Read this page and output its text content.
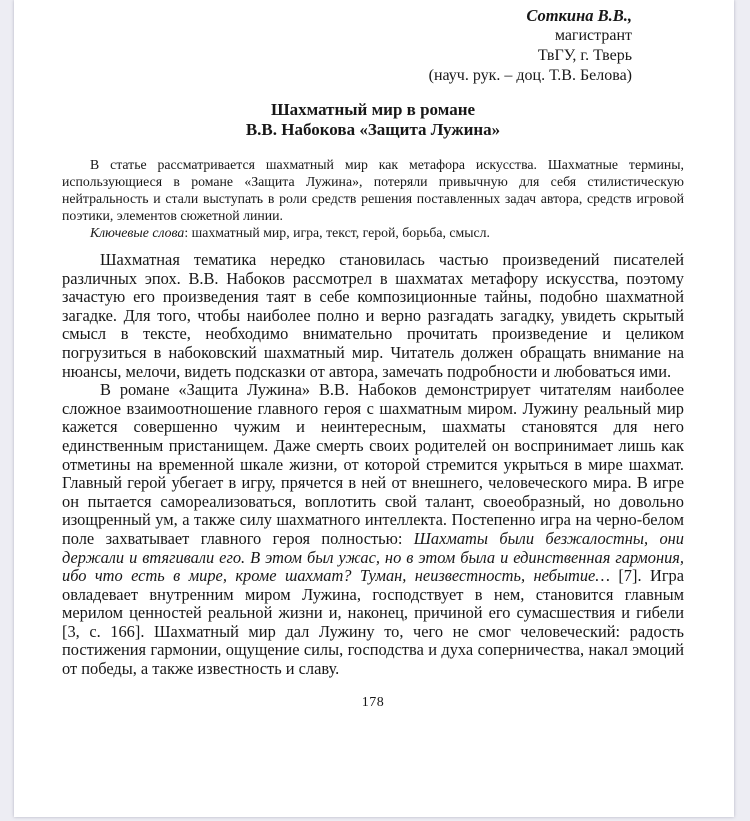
Соткина В.В.,
магистрант
ТвГУ, г. Тверь
(науч. рук. – доц. Т.В. Белова)
Шахматный мир в романе
В.В. Набокова «Защита Лужина»

В статье рассматривается шахматный мир как метафора искусства. Шахматные термины, использующиеся в романе «Защита Лужина», потеряли привычную для себя стилистическую нейтральность и стали выступать в роли средств решения поставленных задач автора, средств игровой поэтики, элементов сюжетной линии.

Ключевые слова: шахматный мир, игра, текст, герой, борьба, смысл.

Шахматная тематика нередко становилась частью произведений писателей различных эпох. В.В. Набоков рассмотрел в шахматах метафору искусства, поэтому зачастую его произведения таят в себе композиционные тайны, подобно шахматной загадке. Для того, чтобы наиболее полно и верно разгадать загадку, увидеть скрытый смысл в тексте, необходимо внимательно прочитать произведение и целиком погрузиться в набоковский шахматный мир. Читатель должен обращать внимание на нюансы, мелочи, видеть подсказки от автора, замечать подробности и любоваться ими.

В романе «Защита Лужина» В.В. Набоков демонстрирует читателям наиболее сложное взаимоотношение главного героя с шахматным миром. Лужину реальный мир кажется совершенно чужим и неинтересным, шахматы становятся для него единственным пристанищем. Даже смерть своих родителей он воспринимает лишь как отметины на временной шкале жизни, от которой стремится укрыться в мире шахмат. Главный герой убегает в игру, прячется в ней от внешнего, человеческого мира. В игре он пытается самореализоваться, воплотить свой талант, своеобразный, но довольно изощренный ум, а также силу шахматного интеллекта. Постепенно игра на черно-белом поле захватывает главного героя полностью: Шахматы были безжалостны, они держали и втягивали его. В этом был ужас, но в этом была и единственная гармония, ибо что есть в мире, кроме шахмат? Туман, неизвестность, небытие… [7]. Игра овладевает внутренним миром Лужина, господствует в нем, становится главным мерилом ценностей реальной жизни и, наконец, причиной его сумасшествия и гибели [3, с. 166]. Шахматный мир дал Лужину то, чего не смог человеческий: радость постижения гармонии, ощущение силы, господства и духа соперничества, накал эмоций от победы, а также известность и славу.

178
